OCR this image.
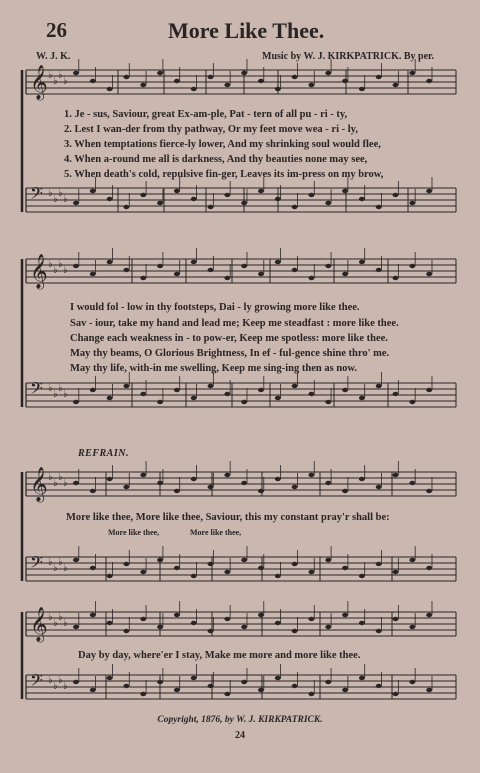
𝄞 ♭
♭
♭
♭
𝄢 ♭
♭
♭
♭
𝄞 ♭
♭
♭
♭
𝄢 ♭
♭
♭
♭
𝄞 ♭
♭
♭
♭
𝄢 ♭
♭
♭
♭
𝄞 ♭
♭
♭
♭
𝄢 ♭
♭
♭
♭
26	More Like Thee.
W. J. K.	Music by W. J. KIRKPATRICK. By per.
1. Je - sus, Saviour, great Ex-am-ple, Pat - tern of all pu - ri - ty,
2. Lest I wan-der from thy pathway, Or my feet move wea - ri - ly,
3. When temptations fierce-ly lower, And my shrinking soul would flee,
4. When a-round me all is darkness, And thy beauties none may see,
5. When death's cold, repulsive fin-ger, Leaves its im-press on my brow,
I would fol - low in thy footsteps, Dai - ly growing more like thee.
Sav - iour, take my hand and lead me; Keep me steadfast : more like thee.
Change each weakness in - to pow-er, Keep me spotless: more like thee.
May thy beams, O Glorious Brightness, In ef - ful-gence shine thro' me.
May thy life, with-in me swelling, Keep me sing-ing then as now.
REFRAIN.
More like thee, More like thee, Saviour, this my constant pray'r shall be:
More like thee,	More like thee,
Day by day, where'er I stay, Make me more and more like thee.
Copyright, 1876, by W. J. KIRKPATRICK.
24
